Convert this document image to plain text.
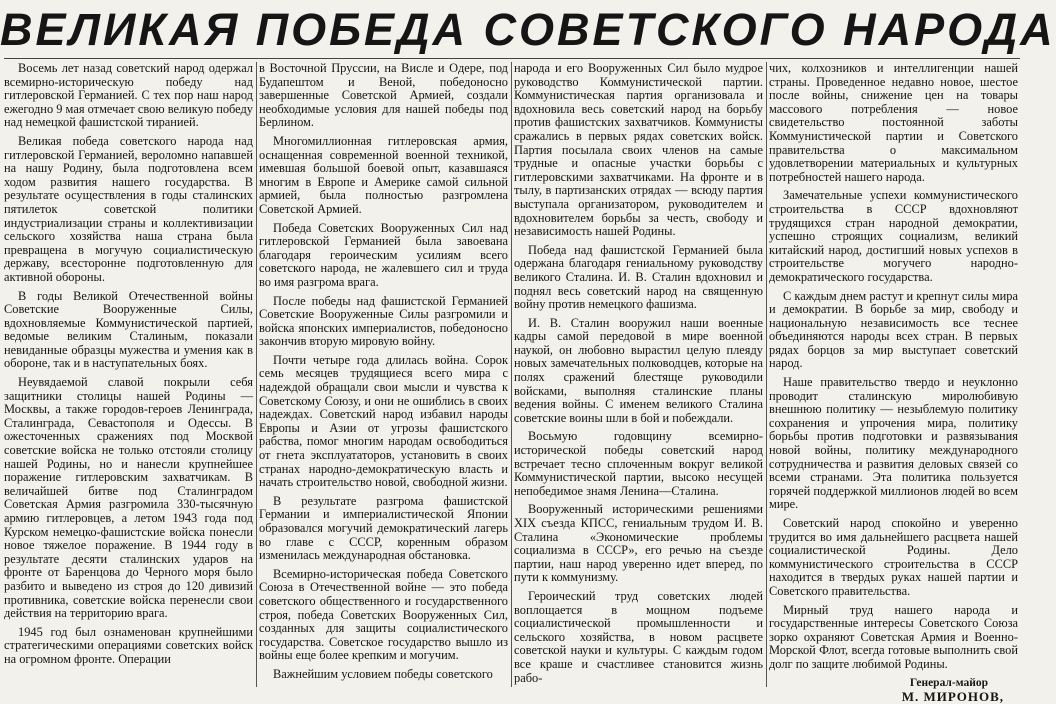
ВЕЛИКАЯ ПОБЕДА СОВЕТСКОГО НАРОДА

Восемь лет назад советский народ одержал всемирно-историческую победу над гитлеровской Германией. С тех пор наш народ ежегодно 9 мая отмечает свою великую победу над немецкой фашистской тиранией.

Великая победа советского народа над гитлеровской Германией, вероломно напавшей на нашу Родину, была подготовлена всем ходом развития нашего государства. В результате осуществления в годы сталинских пятилеток советской политики индустриализации страны и коллективизации сельского хозяйства наша страна была превращена в могучую социалистическую державу, всесторонне подготовленную для активной обороны.

В годы Великой Отечественной войны Советские Вооруженные Силы, вдохновляемые Коммунистической партией, ведомые великим Сталиным, показали невиданные образцы мужества и умения как в обороне, так и в наступательных боях.

Неувядаемой славой покрыли себя защитники столицы нашей Родины — Москвы, а также городов-героев Ленинграда, Сталинграда, Севастополя и Одессы. В ожесточенных сражениях под Москвой советские войска не только отстояли столицу нашей Родины, но и нанесли крупнейшее поражение гитлеровским захватчикам. В величайшей битве под Сталинградом Советская Армия разгромила 330-тысячную армию гитлеровцев, а летом 1943 года под Курском немецко-фашистские войска понесли новое тяжелое поражение. В 1944 году в результате десяти сталинских ударов на фронте от Баренцова до Черного моря было разбито и выведено из строя до 120 дивизий противника, советские войска перенесли свои действия на территорию врага.

1945 год был ознаменован крупнейшими стратегическими операциями советских войск на огромном фронте. Операции

в Восточной Пруссии, на Висле и Одере, под Будапештом и Веной, победоносно завершенные Советской Армией, создали необходимые условия для нашей победы под Берлином.

Многомиллионная гитлеровская армия, оснащенная современной военной техникой, имевшая большой боевой опыт, казавшаяся многим в Европе и Америке самой сильной армией, была полностью разгромлена Советской Армией.

Победа Советских Вооруженных Сил над гитлеровской Германией была завоевана благодаря героическим усилиям всего советского народа, не жалевшего сил и труда во имя разгрома врага.

После победы над фашистской Германией Советские Вооруженные Силы разгромили и войска японских империалистов, победоносно закончив вторую мировую войну.

Почти четыре года длилась война. Сорок семь месяцев трудящиеся всего мира с надеждой обращали свои мысли и чувства к Советскому Союзу, и они не ошиблись в своих надеждах. Советский народ избавил народы Европы и Азии от угрозы фашистского рабства, помог многим народам освободиться от гнета эксплуататоров, установить в своих странах народно-демократическую власть и начать строительство новой, свободной жизни.

В результате разгрома фашистской Германии и империалистической Японии образовался могучий демократический лагерь во главе с СССР, коренным образом изменилась международная обстановка.

Всемирно-историческая победа Советского Союза в Отечественной войне — это победа советского общественного и государственного строя, победа Советских Вооруженных Сил, созданных для защиты социалистического государства. Советское государство вышло из войны еще более крепким и могучим.

Важнейшим условием победы советского

народа и его Вооруженных Сил было мудрое руководство Коммунистической партии. Коммунистическая партия организовала и вдохновила весь советский народ на борьбу против фашистских захватчиков. Коммунисты сражались в первых рядах советских войск. Партия посылала своих членов на самые трудные и опасные участки борьбы с гитлеровскими захватчиками. На фронте и в тылу, в партизанских отрядах — всюду партия выступала организатором, руководителем и вдохновителем борьбы за честь, свободу и независимость нашей Родины.

Победа над фашистской Германией была одержана благодаря гениальному руководству великого Сталина. И. В. Сталин вдохновил и поднял весь советский народ на священную войну против немецкого фашизма.

И. В. Сталин вооружил наши военные кадры самой передовой в мире военной наукой, он любовно вырастил целую плеяду новых замечательных полководцев, которые на полях сражений блестяще руководили войсками, выполняя сталинские планы ведения войны. С именем великого Сталина советские воины шли в бой и побеждали.

Восьмую годовщину всемирно-исторической победы советский народ встречает тесно сплоченным вокруг великой Коммунистической партии, высоко несущей непобедимое знамя Ленина—Сталина.

Вооруженный историческими решениями XIX съезда КПСС, гениальным трудом И. В. Сталина «Экономические проблемы социализма в СССР», его речью на съезде партии, наш народ уверенно идет вперед, по пути к коммунизму.

Героический труд советских людей воплощается в мощном подъеме социалистической промышленности и сельского хозяйства, в новом расцвете советской науки и культуры. С каждым годом все краше и счастливее становится жизнь рабо-

чих, колхозников и интеллигенции нашей страны. Проведенное недавно новое, шестое после войны, снижение цен на товары массового потребления — новое свидетельство постоянной заботы Коммунистической партии и Советского правительства о максимальном удовлетворении материальных и культурных потребностей нашего народа.

Замечательные успехи коммунистического строительства в СССР вдохновляют трудящихся стран народной демократии, успешно строящих социализм, великий китайский народ, достигший новых успехов в строительстве могучего народно-демократического государства.

С каждым днем растут и крепнут силы мира и демократии. В борьбе за мир, свободу и национальную независимость все теснее объединяются народы всех стран. В первых рядах борцов за мир выступает советский народ.

Наше правительство твердо и неуклонно проводит сталинскую миролюбивую внешнюю политику — незыблемую политику сохранения и упрочения мира, политику борьбы против подготовки и развязывания новой войны, политику международного сотрудничества и развития деловых связей со всеми странами. Эта политика пользуется горячей поддержкой миллионов людей во всем мире.

Советский народ спокойно и уверенно трудится во имя дальнейшего расцвета нашей социалистической Родины. Дело коммунистического строительства в СССР находится в твердых руках нашей партии и Советского правительства.

Мирный труд нашего народа и государственные интересы Советского Союза зорко охраняют Советская Армия и Военно-Морской Флот, всегда готовые выполнить свой долг по защите любимой Родины.

Генерал-майор
М. МИРОНОВ,
